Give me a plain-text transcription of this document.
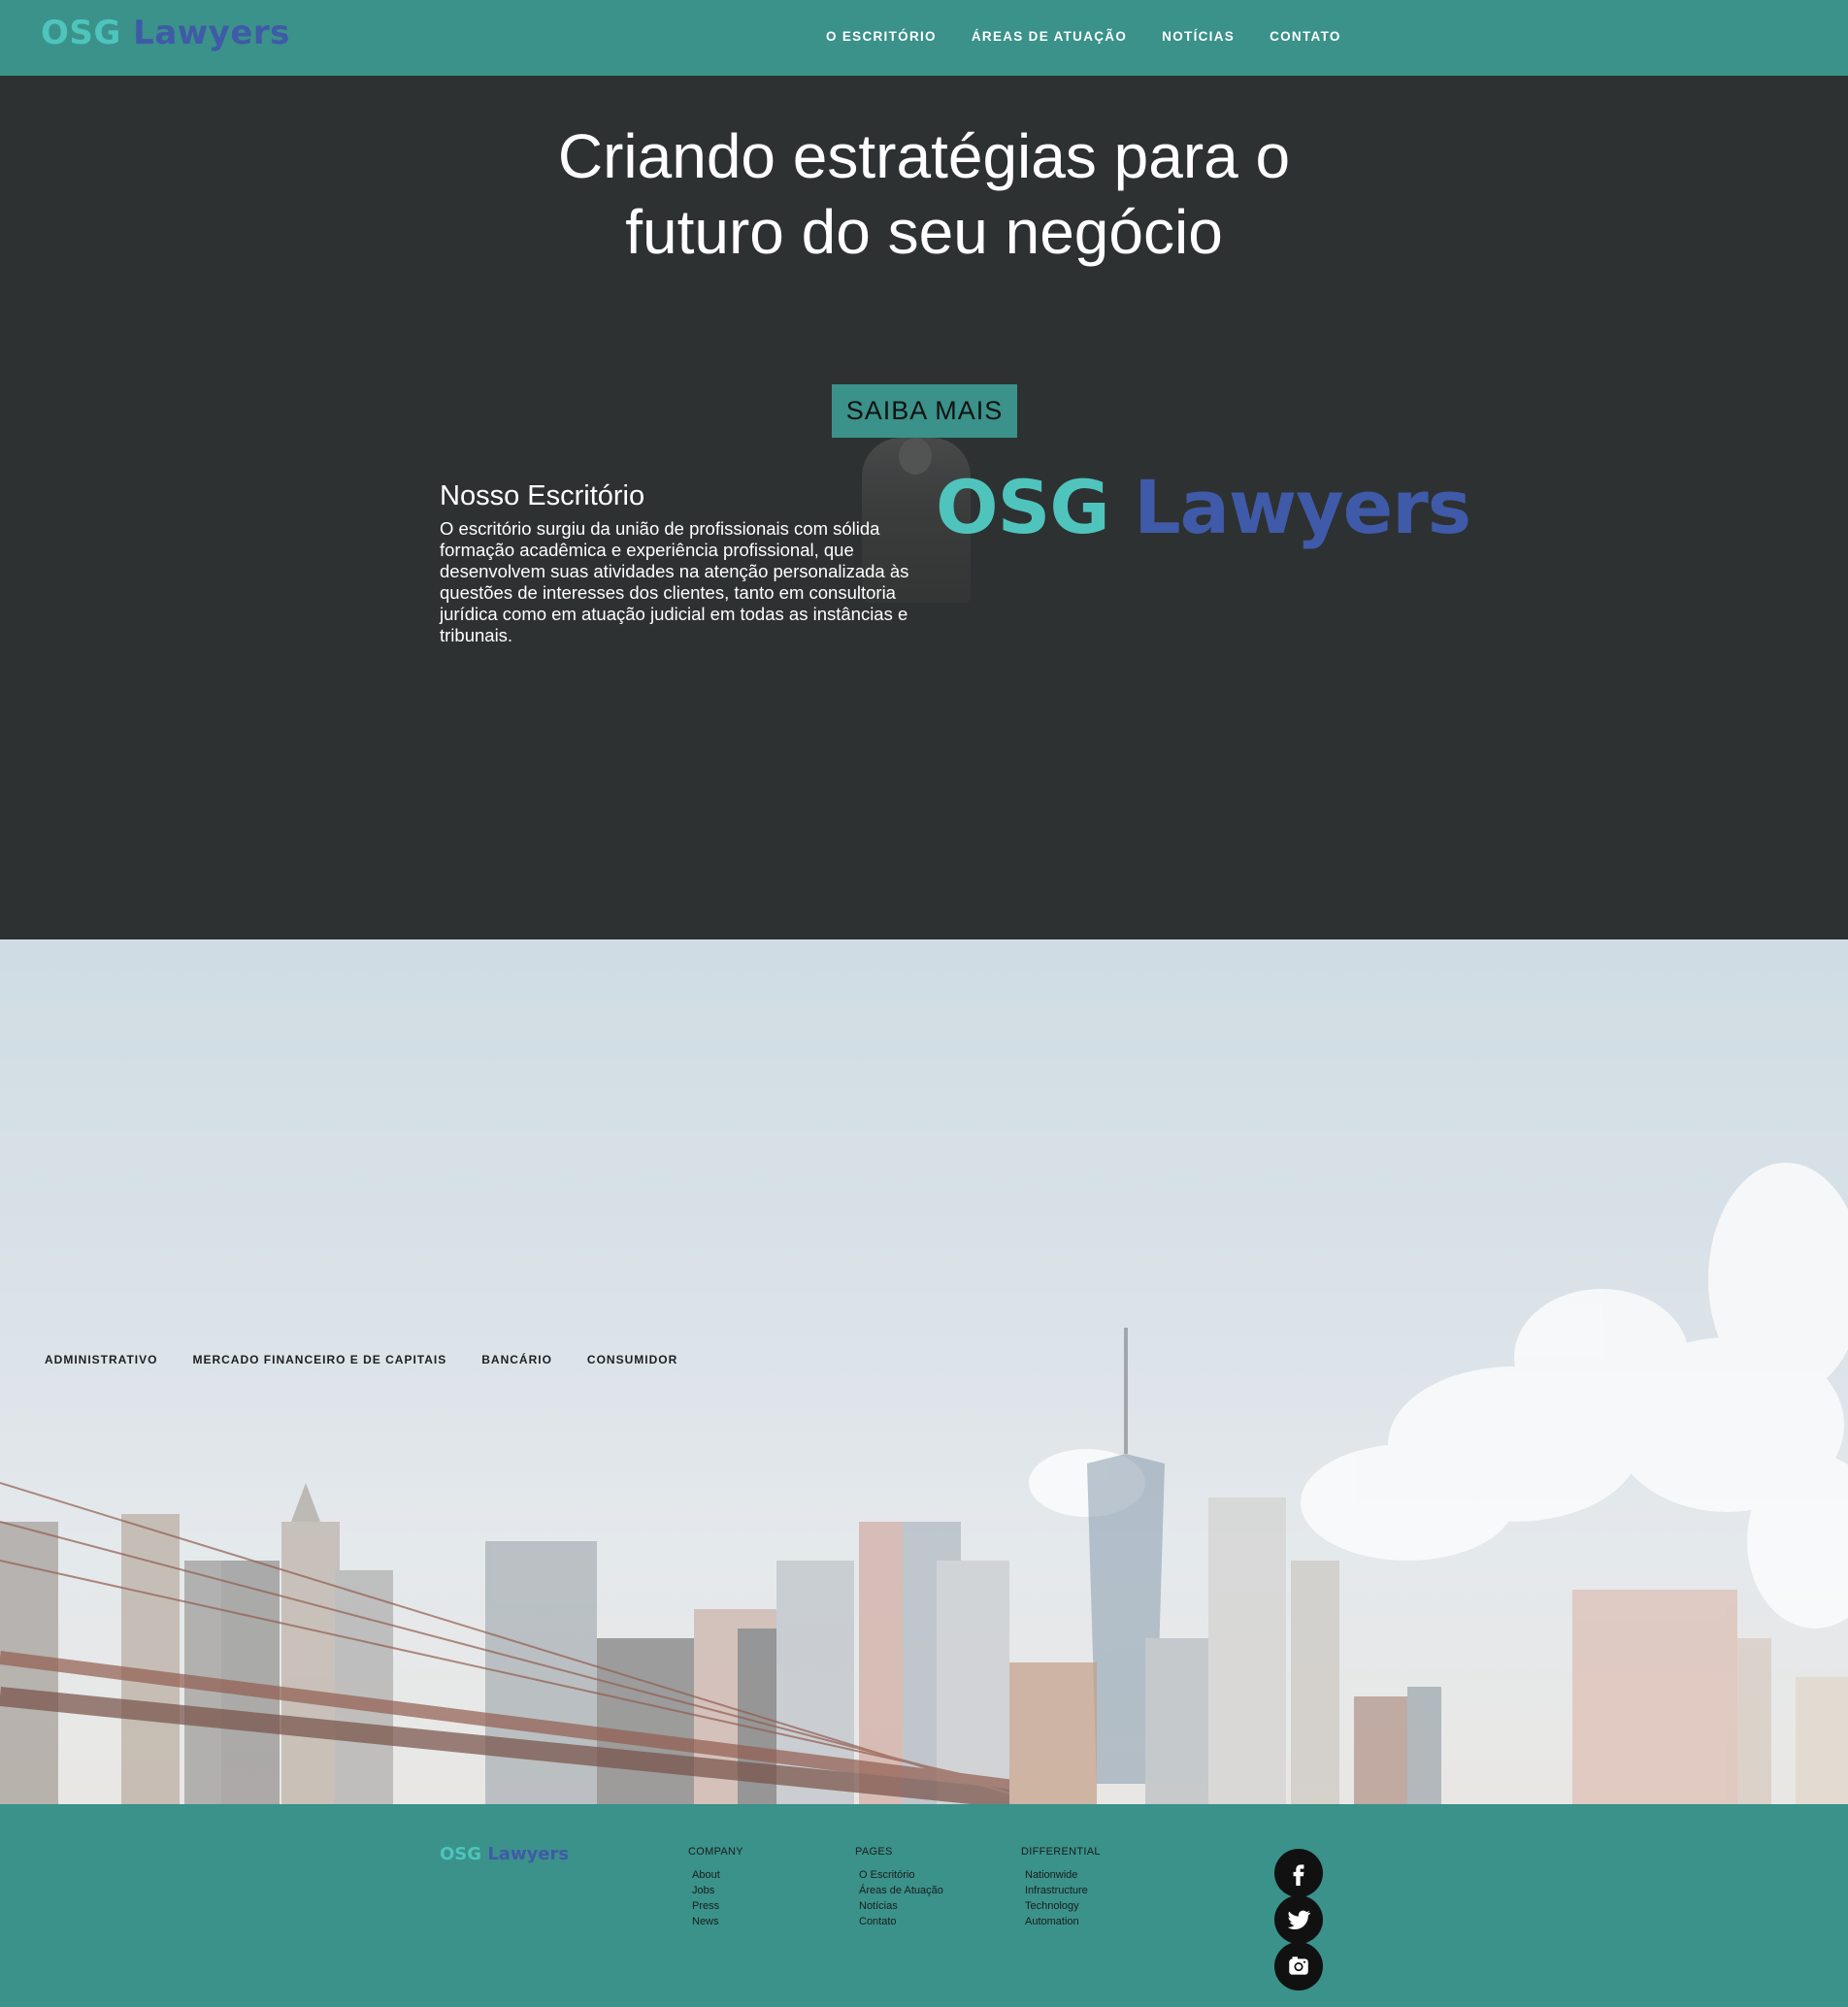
OSG Lawyers	O ESCRITÓRIO	ÁREAS DE ATUAÇÃO	NOTÍCIAS	CONTATO
Criando estratégias para o futuro do seu negócio
SAIBA MAIS
Nosso Escritório

O escritório surgiu da união de profissionais com sólida formação acadêmica e experiência profissional, que desenvolvem suas atividades na atenção personalizada às questões de interesses dos clientes, tanto em consultoria jurídica como em atuação judicial em todas as instâncias e tribunais.

OSG Lawyers
ADMINISTRATIVO	MERCADO FINANCEIRO E DE CAPITAIS	BANCÁRIO	CONSUMIDOR
OSG Lawyers	COMPANY
About
Jobs
Press
News
PAGES
O Escritório
Áreas de Atuação
Notícias
Contato
DIFFERENTIAL
Nationwide
Infrastructure
Technology
Automation
